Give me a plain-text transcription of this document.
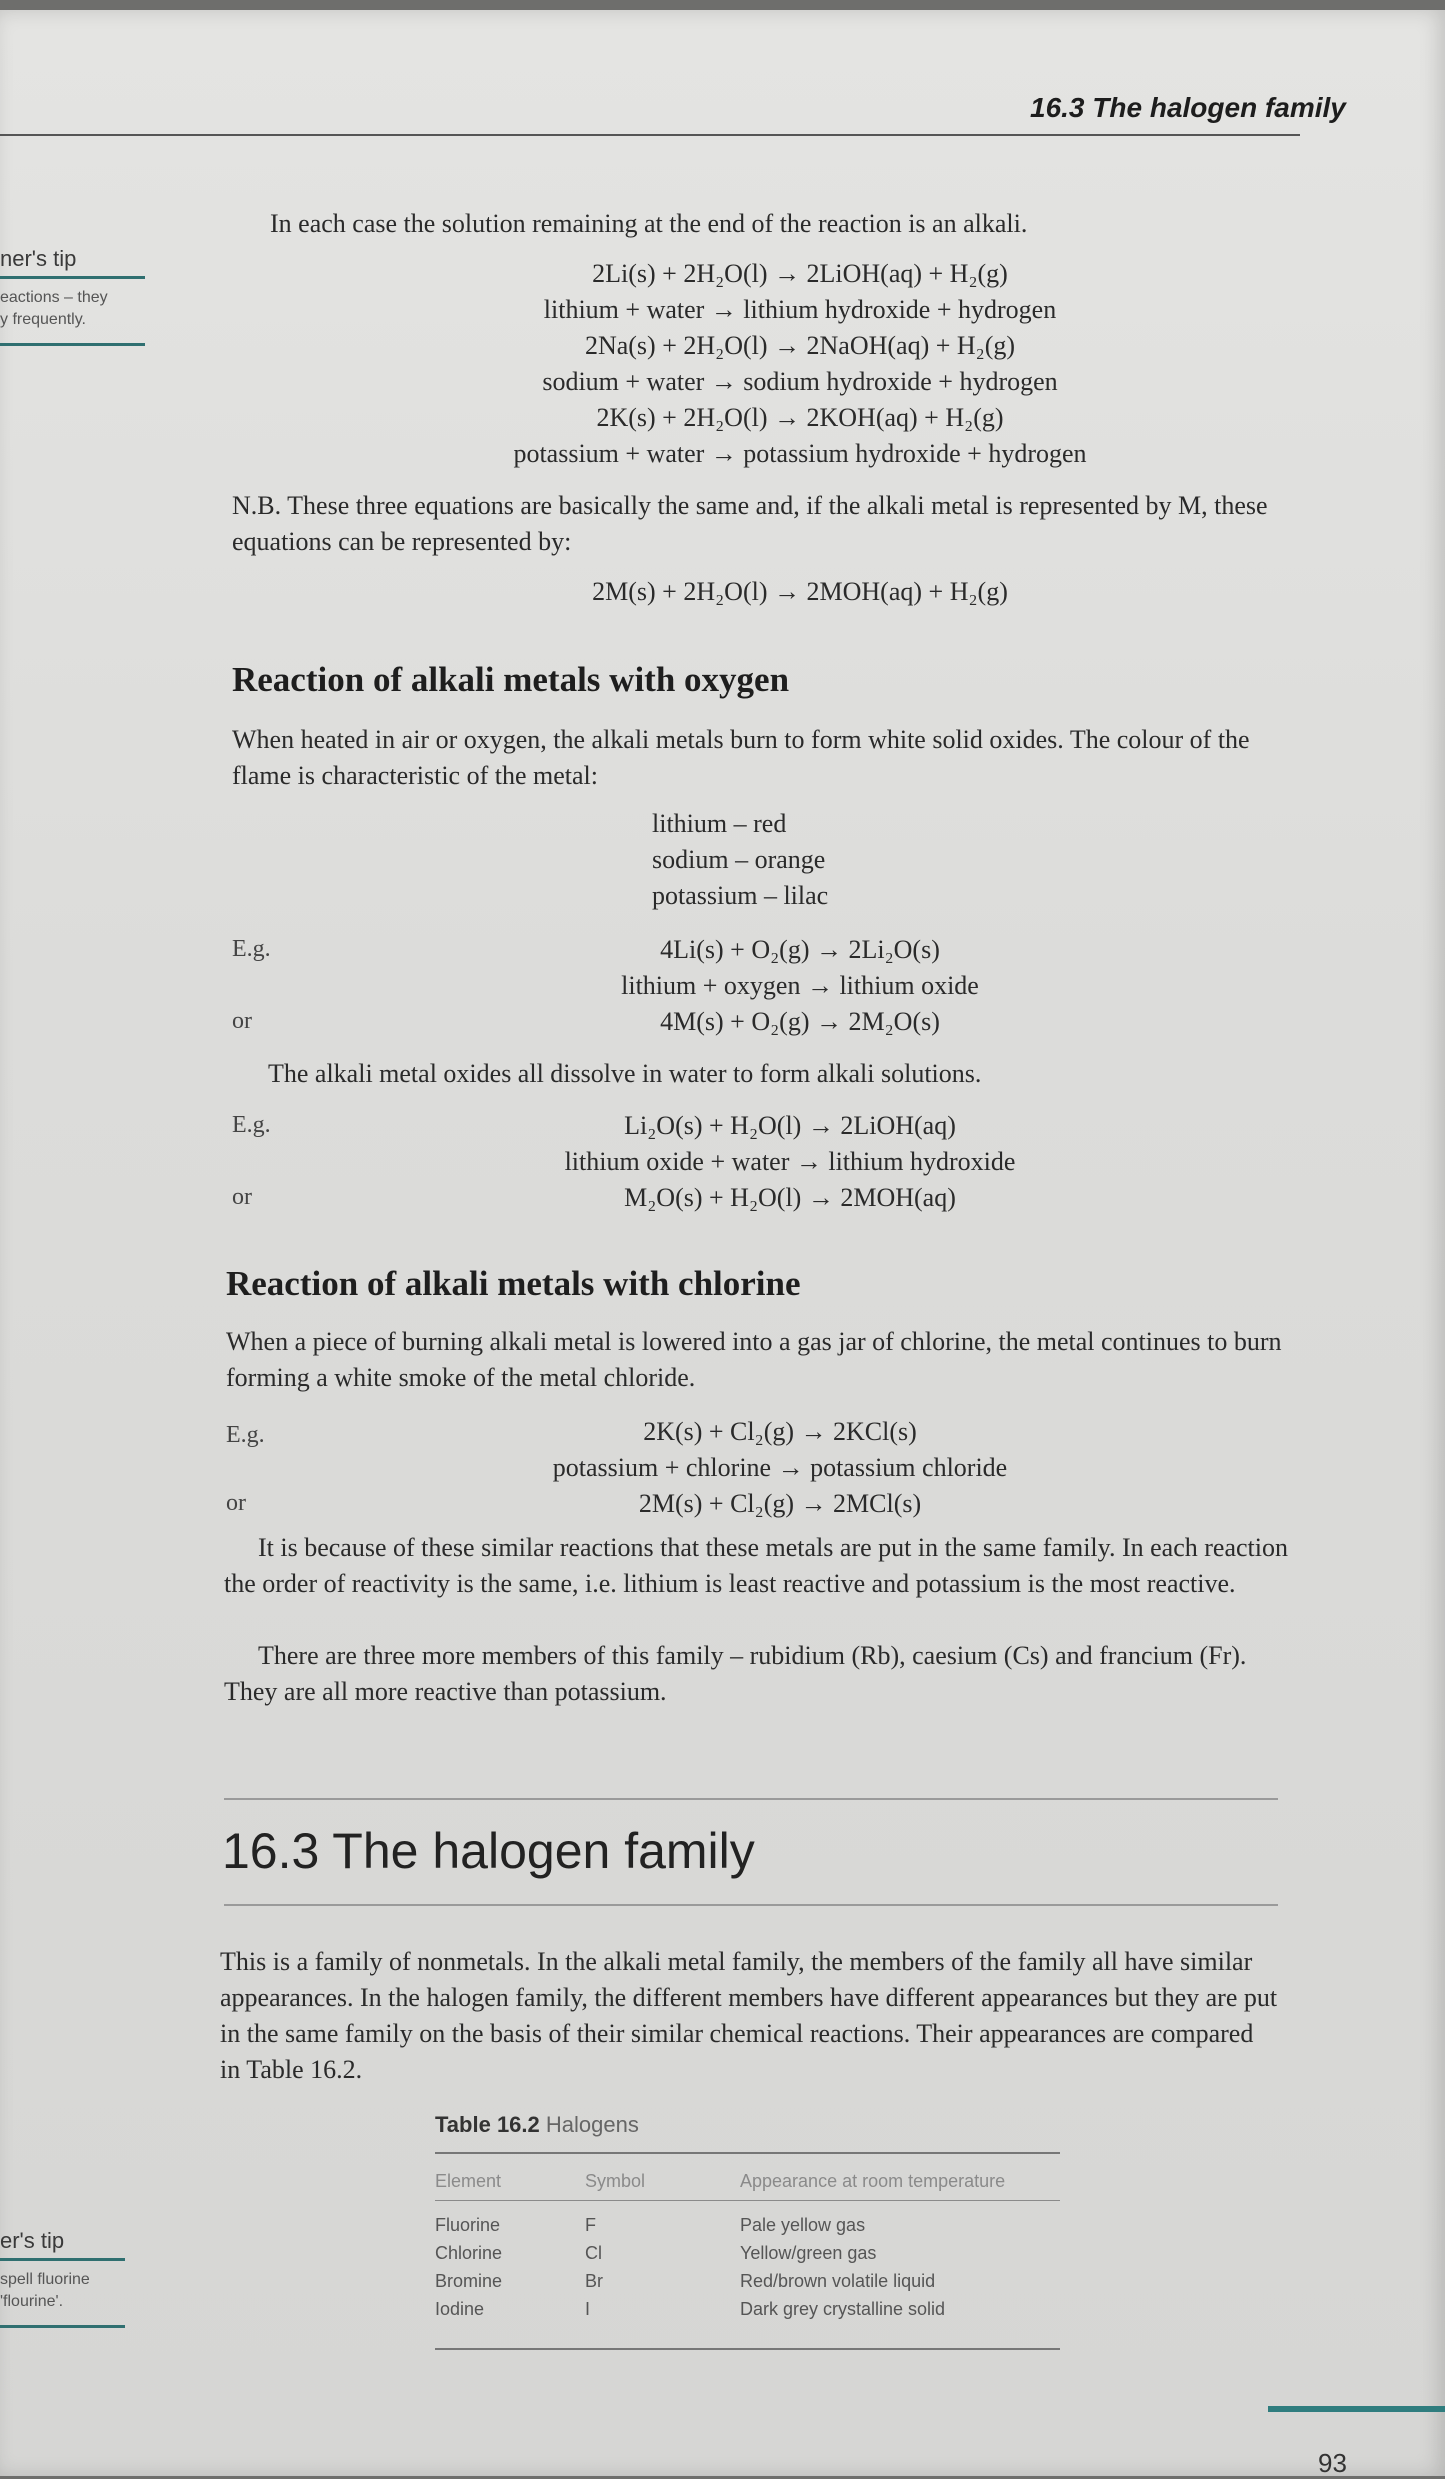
16.3 The halogen family
ner's tip
eactions – they
y frequently.
er's tip
spell fluorine
'flourine'.
In each case the solution remaining at the end of the reaction is an alkali.
2Li(s) + 2H₂O(l) → 2LiOH(aq) + H₂(g)
lithium + water → lithium hydroxide + hydrogen
2Na(s) + 2H₂O(l) → 2NaOH(aq) + H₂(g)
sodium + water → sodium hydroxide + hydrogen
2K(s) + 2H₂O(l) → 2KOH(aq) + H₂(g)
potassium + water → potassium hydroxide + hydrogen
N.B. These three equations are basically the same and, if the alkali metal is represented by M, these equations can be represented by:
2M(s) + 2H₂O(l) → 2MOH(aq) + H₂(g)
Reaction of alkali metals with oxygen
When heated in air or oxygen, the alkali metals burn to form white solid oxides. The colour of the flame is characteristic of the metal:
lithium – red
sodium – orange
potassium – lilac
E.g.	4Li(s) + O₂(g) → 2Li₂O(s)
lithium + oxygen → lithium oxide
or	4M(s) + O₂(g) → 2M₂O(s)
The alkali metal oxides all dissolve in water to form alkali solutions.
E.g.	Li₂O(s) + H₂O(l) → 2LiOH(aq)
lithium oxide + water → lithium hydroxide
or	M₂O(s) + H₂O(l) → 2MOH(aq)
Reaction of alkali metals with chlorine
When a piece of burning alkali metal is lowered into a gas jar of chlorine, the metal continues to burn forming a white smoke of the metal chloride.
E.g.	2K(s) + Cl₂(g) → 2KCl(s)
potassium + chlorine → potassium chloride
or	2M(s) + Cl₂(g) → 2MCl(s)
It is because of these similar reactions that these metals are put in the same family. In each reaction the order of reactivity is the same, i.e. lithium is least reactive and potassium is the most reactive.
There are three more members of this family – rubidium (Rb), caesium (Cs) and francium (Fr). They are all more reactive than potassium.
16.3 The halogen family
This is a family of nonmetals. In the alkali metal family, the members of the family all have similar appearances. In the halogen family, the different members have different appearances but they are put in the same family on the basis of their similar chemical reactions. Their appearances are compared in Table 16.2.
Table 16.2 Halogens
Element	Symbol	Appearance at room temperature

Fluorine	F	Pale yellow gas
Chlorine	Cl	Yellow/green gas
Bromine	Br	Red/brown volatile liquid
Iodine	I	Dark grey crystalline solid
93
